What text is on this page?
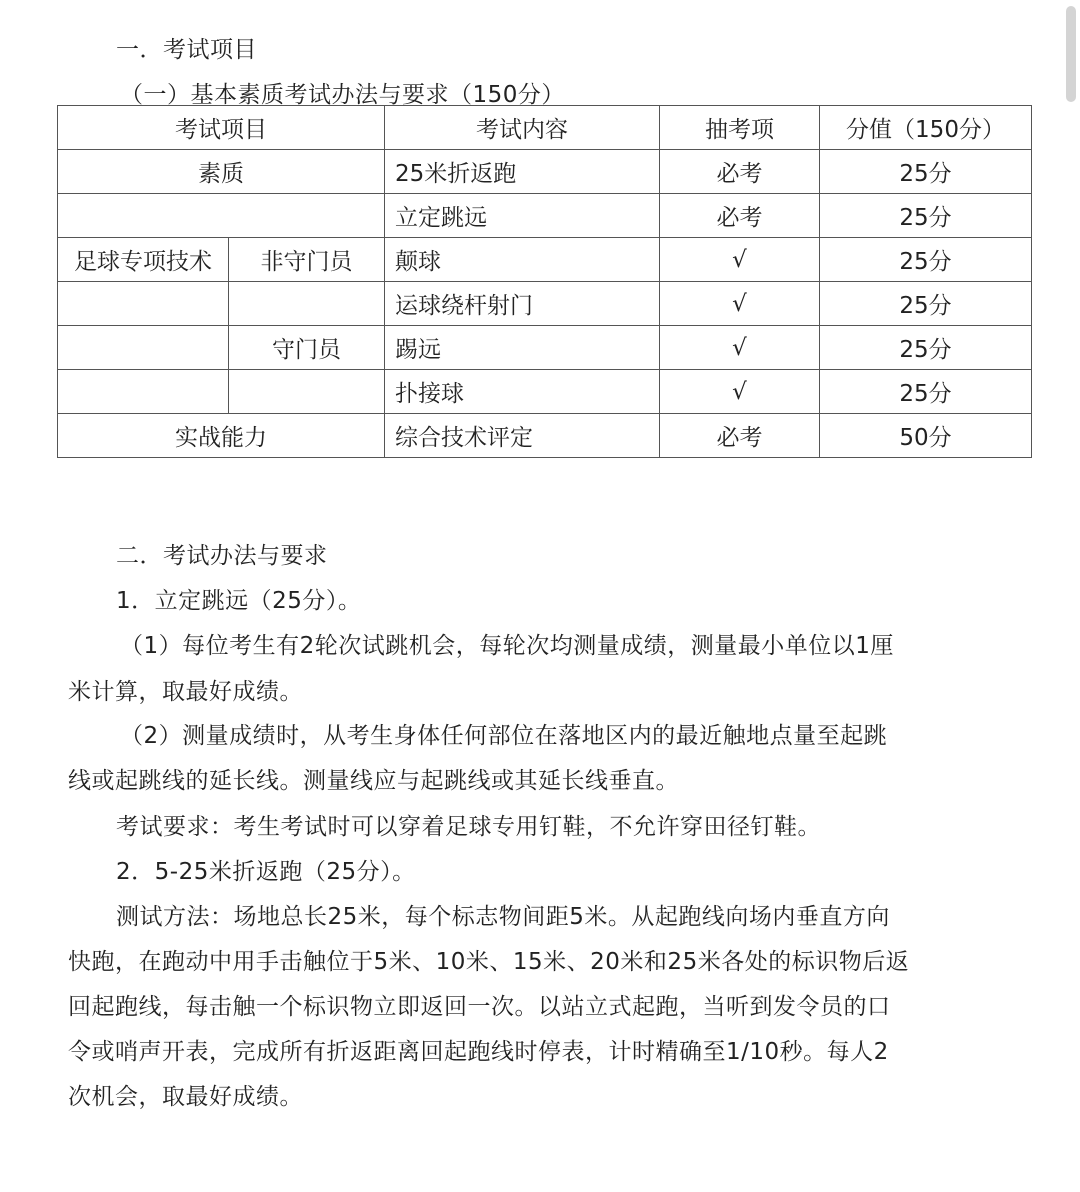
一．考试项目
（一）基本素质考试办法与要求（150分）
考试项目		考试内容	抽考项	分值（150分）
素质		25米折返跑	必考	25分
		立定跳远	必考	25分
足球专项技术	非守门员	颠球	√	25分
		运球绕杆射门	√	25分
	守门员	踢远	√	25分
		扑接球	√	25分
实战能力		综合技术评定	必考	50分
二．考试办法与要求
1．立定跳远（25分）。
（1）每位考生有2轮次试跳机会，每轮次均测量成绩，测量最小单位以1厘
米计算，取最好成绩。
（2）测量成绩时，从考生身体任何部位在落地区内的最近触地点量至起跳
线或起跳线的延长线。测量线应与起跳线或其延长线垂直。
考试要求：考生考试时可以穿着足球专用钉鞋，不允许穿田径钉鞋。
2．5-25米折返跑（25分）。
测试方法：场地总长25米，每个标志物间距5米。从起跑线向场内垂直方向
快跑，在跑动中用手击触位于5米、10米、15米、20米和25米各处的标识物后返
回起跑线，每击触一个标识物立即返回一次。以站立式起跑，当听到发令员的口
令或哨声开表，完成所有折返距离回起跑线时停表，计时精确至1/10秒。每人2
次机会，取最好成绩。
